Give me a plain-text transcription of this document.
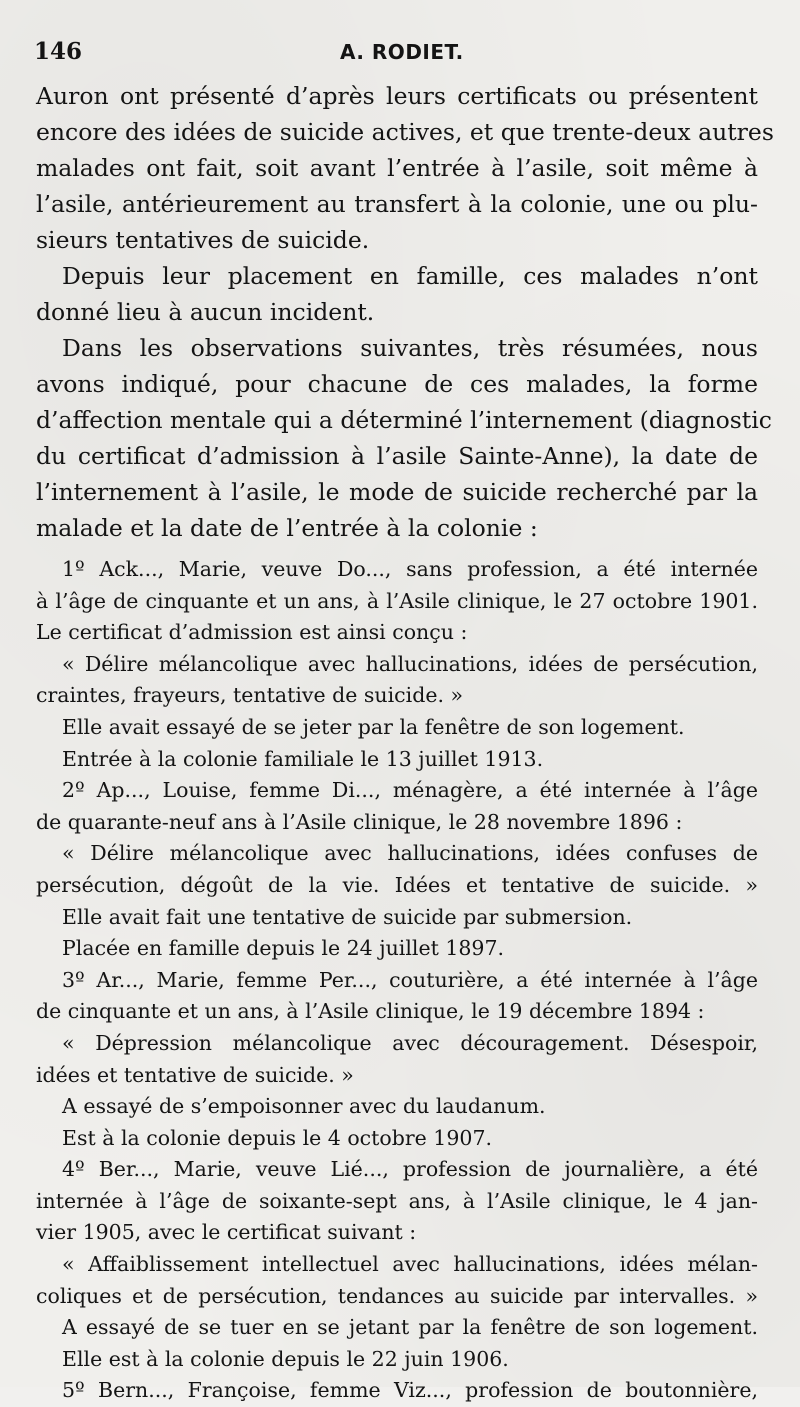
146	A. RODIET.
Auron ont présenté d’après leurs certificats ou présentent
encore des idées de suicide actives, et que trente-deux autres
malades ont fait, soit avant l’entrée à l’asile, soit même à
l’asile, antérieurement au transfert à la colonie, une ou plu-
sieurs tentatives de suicide.
Depuis leur placement en famille, ces malades n’ont
donné lieu à aucun incident.
Dans les observations suivantes, très résumées, nous
avons indiqué, pour chacune de ces malades, la forme
d’affection mentale qui a déterminé l’internement (diagnostic
du certificat d’admission à l’asile Sainte-Anne), la date de
l’internement à l’asile, le mode de suicide recherché par la
malade et la date de l’entrée à la colonie :
1º Ack..., Marie, veuve Do..., sans profession, a été internée
à l’âge de cinquante et un ans, à l’Asile clinique, le 27 octobre 1901.
Le certificat d’admission est ainsi conçu :
« Délire mélancolique avec hallucinations, idées de persécution,
craintes, frayeurs, tentative de suicide. »
Elle avait essayé de se jeter par la fenêtre de son logement.
Entrée à la colonie familiale le 13 juillet 1913.
2º Ap..., Louise, femme Di..., ménagère, a été internée à l’âge
de quarante-neuf ans à l’Asile clinique, le 28 novembre 1896 :
« Délire mélancolique avec hallucinations, idées confuses de
persécution, dégoût de la vie. Idées et tentative de suicide. »
Elle avait fait une tentative de suicide par submersion.
Placée en famille depuis le 24 juillet 1897.
3º Ar..., Marie, femme Per..., couturière, a été internée à l’âge
de cinquante et un ans, à l’Asile clinique, le 19 décembre 1894 :
« Dépression mélancolique avec découragement. Désespoir,
idées et tentative de suicide. »
A essayé de s’empoisonner avec du laudanum.
Est à la colonie depuis le 4 octobre 1907.
4º Ber..., Marie, veuve Lié..., profession de journalière, a été
internée à l’âge de soixante-sept ans, à l’Asile clinique, le 4 jan-
vier 1905, avec le certificat suivant :
« Affaiblissement intellectuel avec hallucinations, idées mélan-
coliques et de persécution, tendances au suicide par intervalles. »
A essayé de se tuer en se jetant par la fenêtre de son logement.
Elle est à la colonie depuis le 22 juin 1906.
5º Bern..., Françoise, femme Viz..., profession de boutonnière,
